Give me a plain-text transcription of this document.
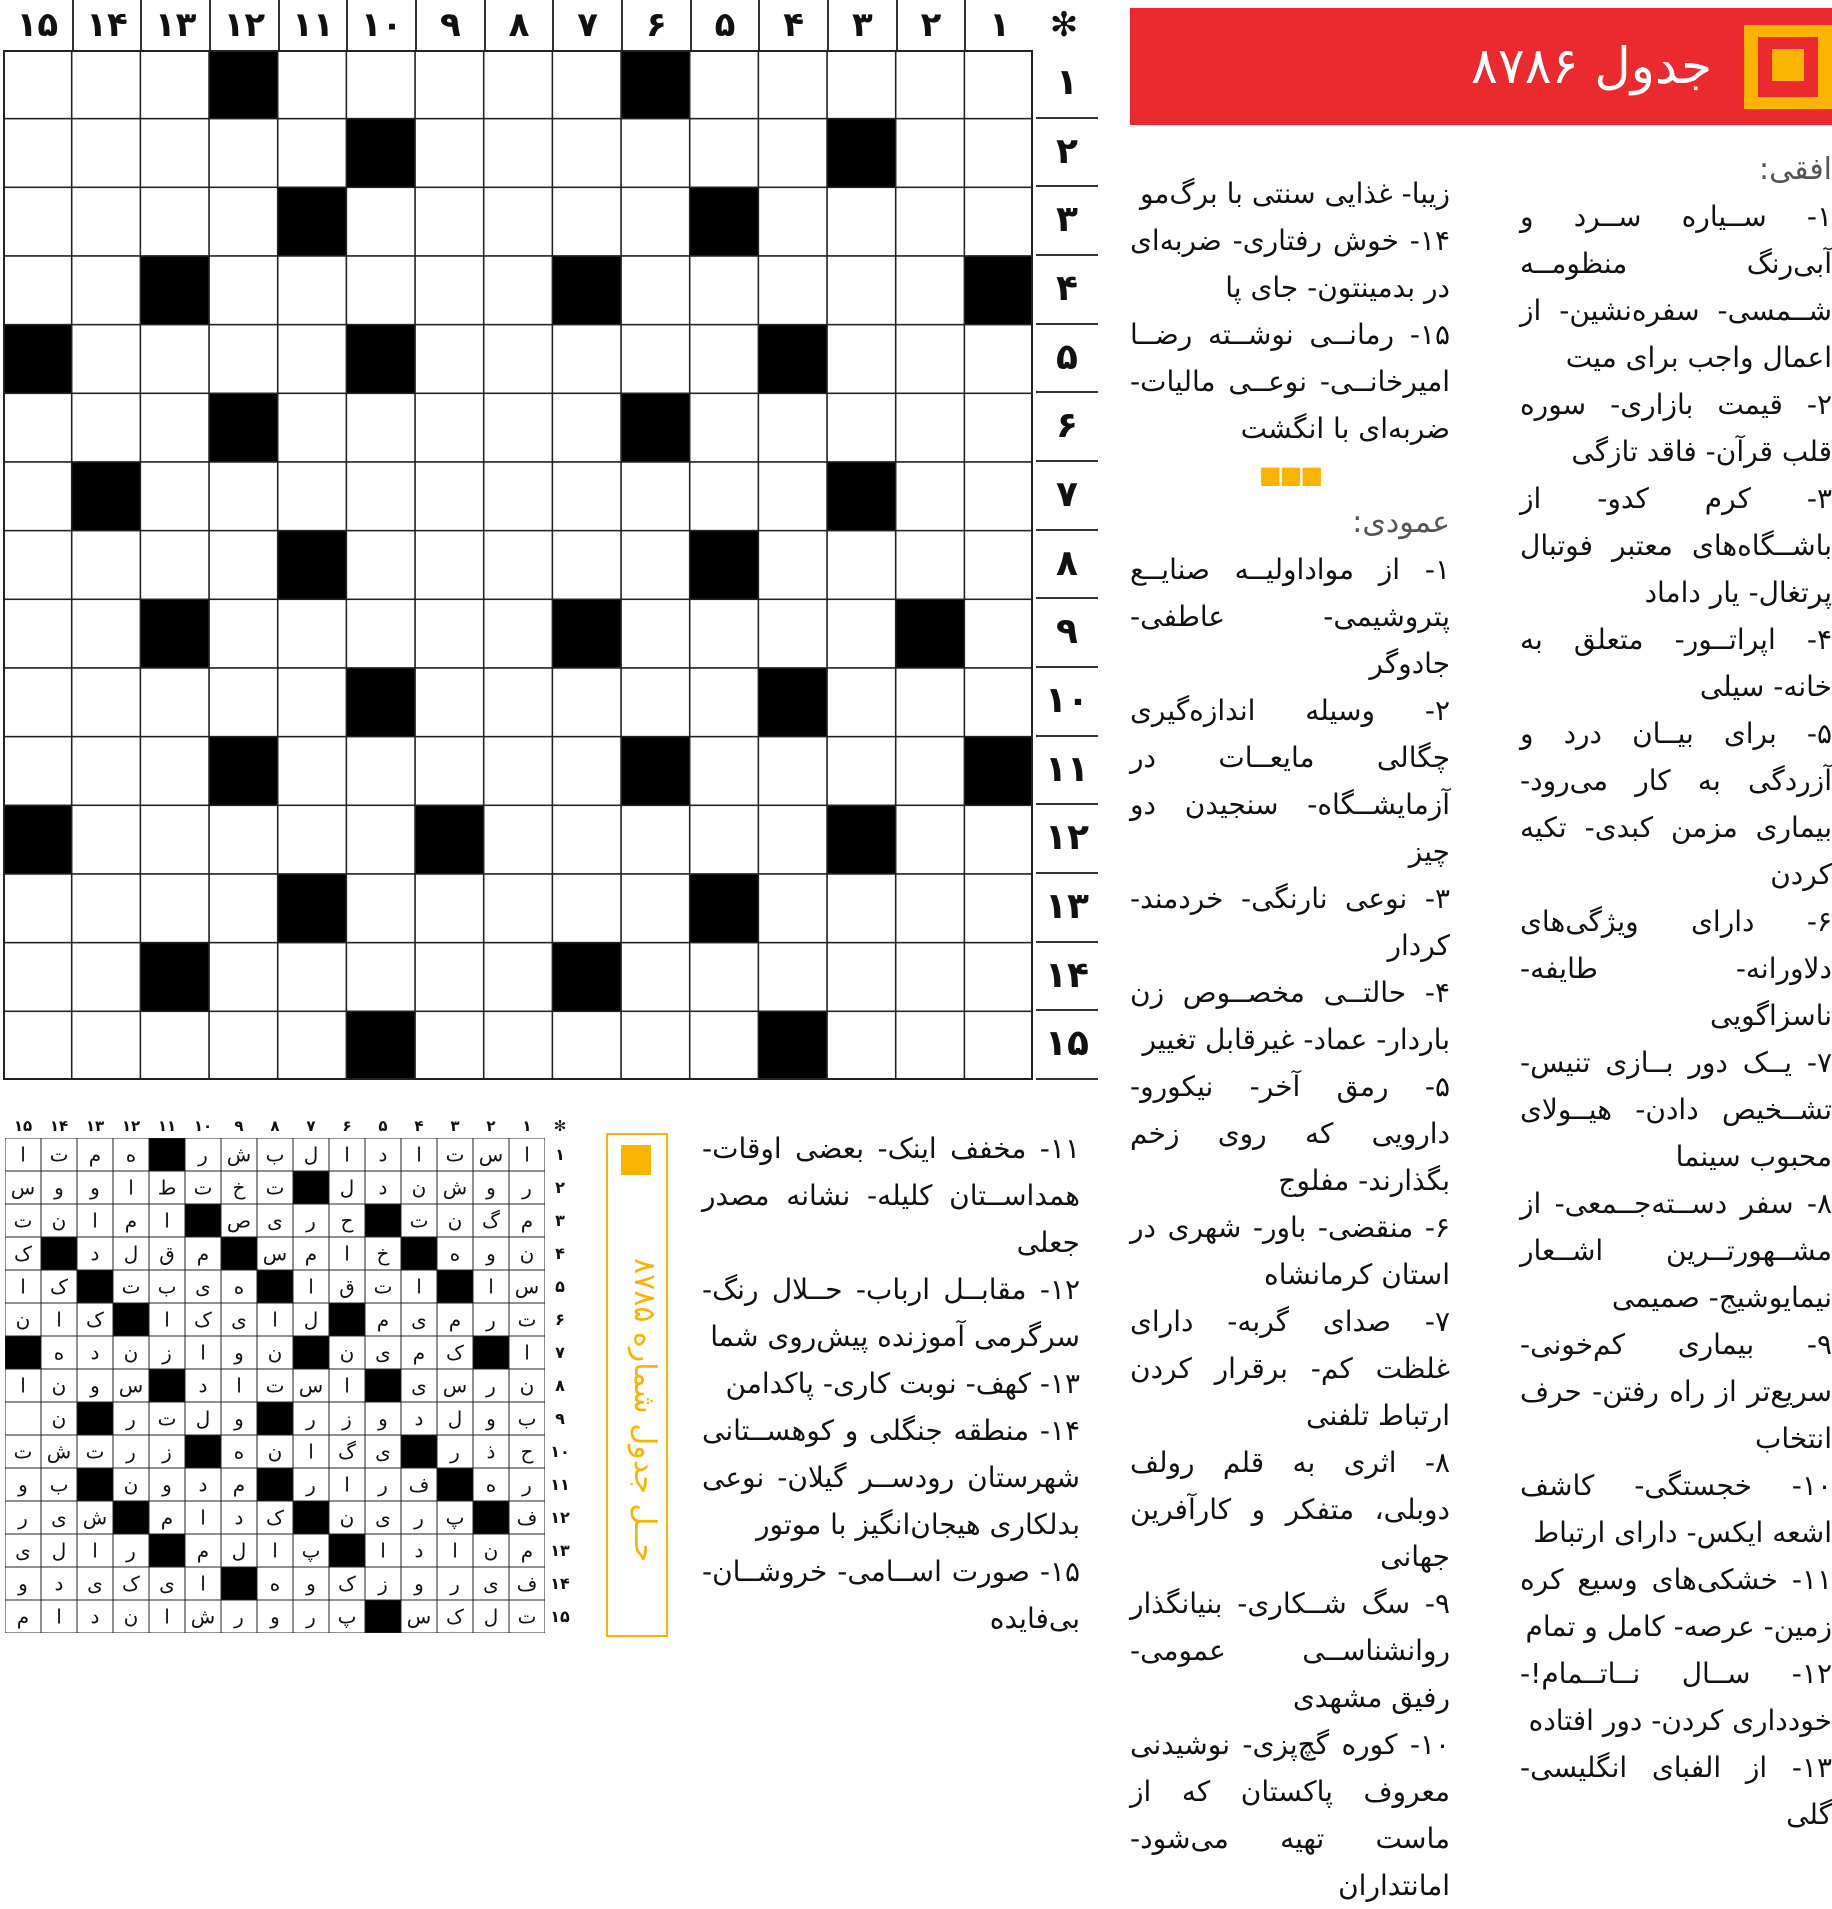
✻
۱
۲
۳
۴
۵
۶
۷
۸
۹
۱۰
۱۱
۱۲
۱۳
۱۴
۱۵
۱
۲
۳
۴
۵
۶
۷
۸
۹
۱۰
۱۱
۱۲
۱۳
۱۴
۱۵
جدول ۸۷۸۶
افقی:
۱- ســیاره ســرد و آبی‌رنگ منظومــه شــمسی- سفره‌نشین- از اعمال واجب برای میت
۲- قیمت بازاری- سوره قلب قرآن- فاقد تازگی
۳- کرم کدو- از باشــگاه‌های معتبر فوتبال پرتغال- یار داماد
۴- اپراتــور- متعلق به خانه- سیلی
۵- برای بیــان درد و آزردگی به کار می‌رود- بیماری مزمن کبدی- تکیه کردن
۶- دارای ویژگی‌های دلاورانه- طایفه- ناسزاگویی
۷- یــک دور بــازی تنیس- تشــخیص دادن- هیــولای محبوب سینما
۸- سفر دســته‌جــمعی- از مشــهورتــرین اشــعار نیمایوشیج- صمیمی
۹- بیماری کم‌خونی- سریع‌تر از راه رفتن- حرف انتخاب
۱۰- خجستگی- کاشف اشعه ایکس- دارای ارتباط
۱۱- خشکی‌های وسیع کره زمین- عرصه- کامل و تمام
۱۲- ســال نــاتــمام!- خودداری کردن- دور افتاده
۱۳- از الفبای انگلیسی- گلی
زیبا- غذایی سنتی با برگ‌مو
۱۴- خوش رفتاری- ضربه‌ای در بدمینتون- جای پا
۱۵- رمانــی نوشــته رضــا امیرخانــی- نوعــی مالیات- ضربه‌ای با انگشت
■■■
عمودی:
۱- از مواداولیــه صنایــع پتروشیمی- عاطفی- جادوگر
۲- وسیله اندازه‌گیری چگالی مایعــات در آزمایشــگاه- سنجیدن دو چیز
۳- نوعی نارنگی- خردمند- کردار
۴- حالتــی مخصــوص زن باردار- عماد- غیرقابل تغییر
۵- رمق آخر- نیکورو- دارویی که روی زخم بگذارند- مفلوج
۶- منقضی- باور- شهری در استان کرمانشاه
۷- صدای گربه- دارای غلظت کم- برقرار کردن ارتباط تلفنی
۸- اثری به قلم رولف دوبلی، متفکر و کارآفرین جهانی
۹- سگ شــکاری- بنیانگذار روانشناســی عمومی- رفیق مشهدی
۱۰- کوره گچ‌پزی- نوشیدنی معروف پاکستان که از ماست تهیه می‌شود- امانتداران
۱۱- مخفف اینک- بعضی اوقات- همداســتان کلیله- نشانه مصدر جعلی
۱۲- مقابــل ارباب- حــلال رنگ- سرگرمی آموزنده پیش‌روی شما
۱۳- کهف- نوبت کاری- پاکدامن
۱۴- منطقه جنگلی و کوهســتانی شهرستان رودســر گیلان- نوعی بدلکاری هیجان‌انگیز با موتور
۱۵- صورت اســامی- خروشــان- بی‌فایده
حــل جدول شماره ۸۷۸۵
✻
۱
۲
۳
۴
۵
۶
۷
۸
۹
۱۰
۱۱
۱۲
۱۳
۱۴
۱۵
ا
س
ت
ا
د
ا
ل
ب
ش
ر
ه
م
ت
ا
ر
و
ش
ن
د
ل
ت
خ
ت
ط
ا
و
و
س
م
گ
ن
ت
ح
ر
ی
ص
ا
م
ا
ن
ت
ن
و
ه
خ
ا
م
س
م
ق
ل
د
ک
س
ا
ا
ت
ق
ا
ه
ی
ب
ت
ک
ا
ت
ر
م
ی
م
ل
ا
ی
ک
ا
ک
ا
ن
ا
ک
م
ی
ن
ن
و
ا
ز
ن
د
ه
ن
ر
س
ی
ا
س
ت
ا
د
س
و
ن
ا
ب
و
ل
د
و
ز
ر
و
ل
ت
ر
ن
ح
ذ
ر
ی
گ
ا
ن
ه
ز
ر
ت
ش
ت
ر
ه
ف
ر
ا
ر
م
د
و
ن
ب
و
ف
پ
ر
ی
ن
ک
د
ا
م
ش
ی
ر
م
ن
ا
د
ا
پ
ا
ل
م
ر
ا
ل
ی
ف
ی
ر
و
ز
ک
و
ه
ا
ی
ک
ی
د
و
ت
ل
ک
س
پ
ر
و
ر
ش
ا
ن
د
ا
م
۱
۲
۳
۴
۵
۶
۷
۸
۹
۱۰
۱۱
۱۲
۱۳
۱۴
۱۵
